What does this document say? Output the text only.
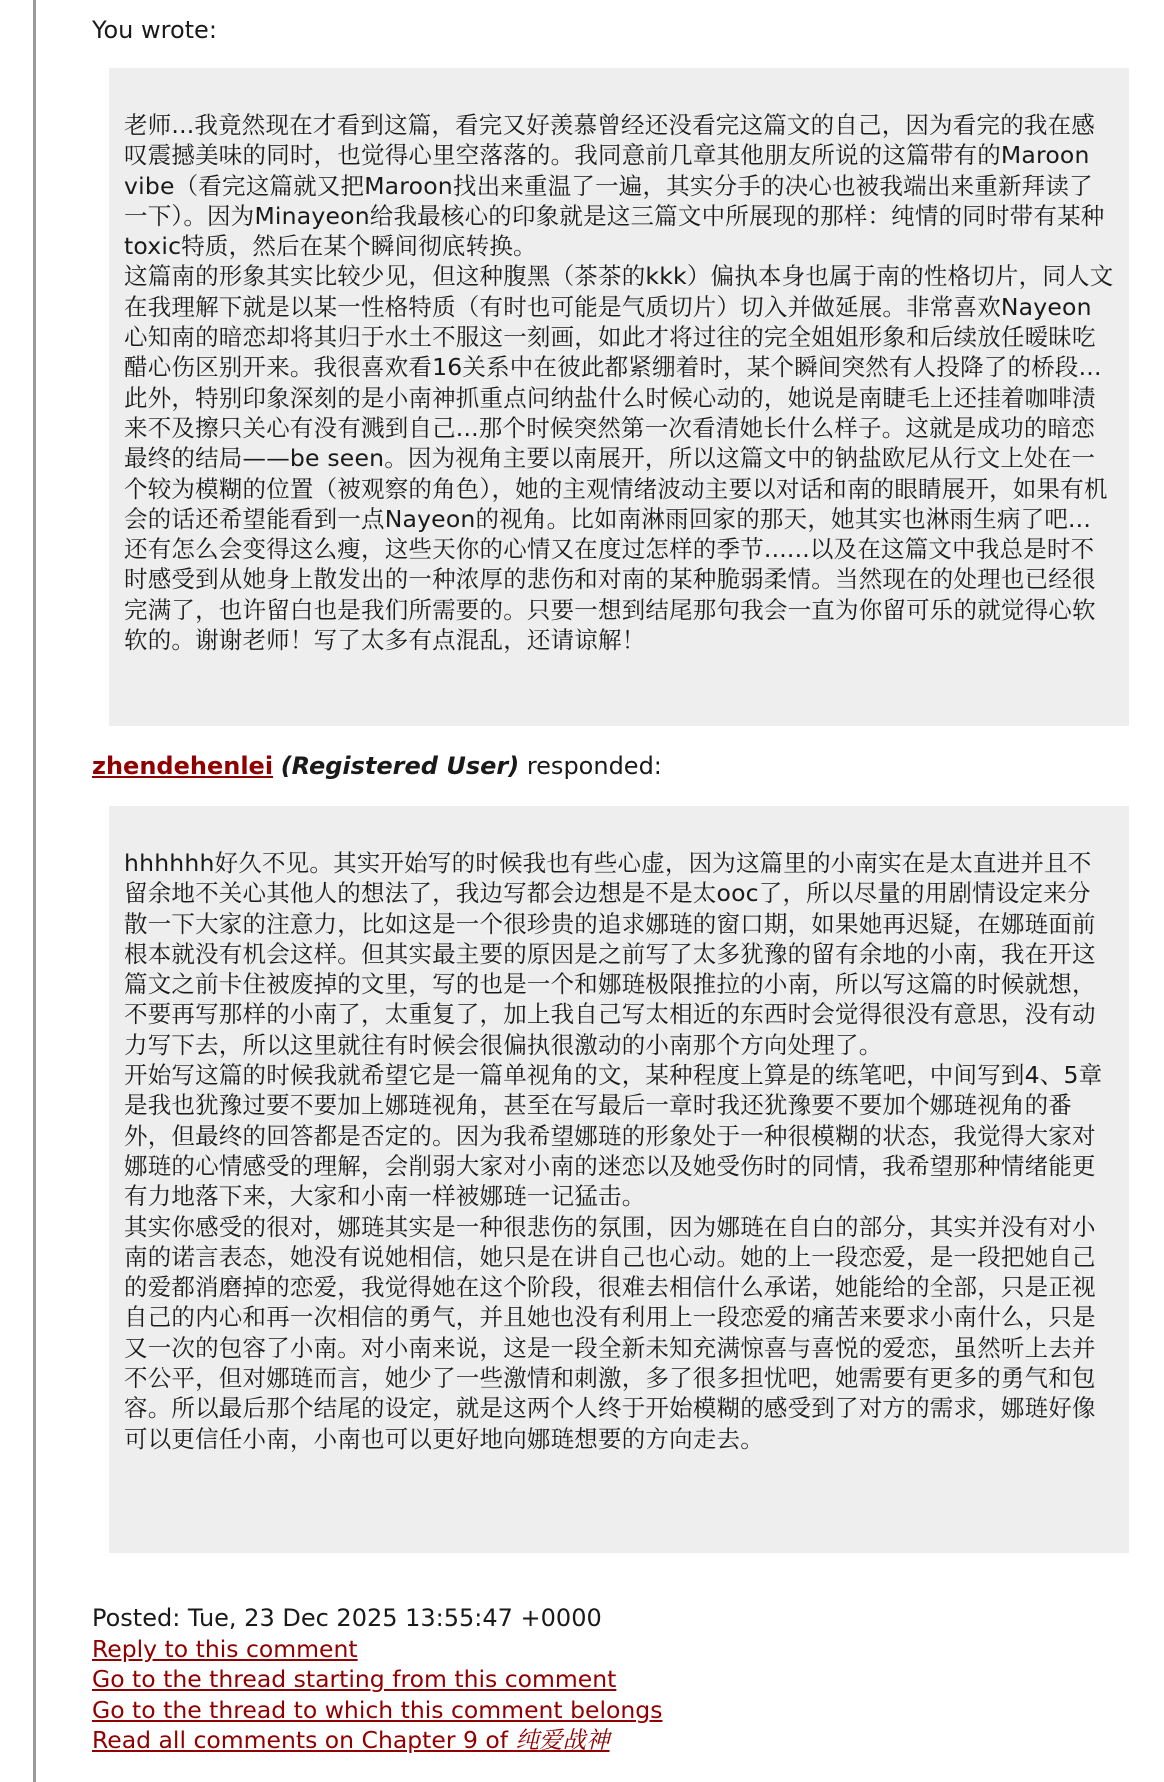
You wrote:

老师...我竟然现在才看到这篇，看完又好羡慕曾经还没看完这篇文的自己，因为看完的我在感叹震撼美味的同时，也觉得心里空落落的。我同意前几章其他朋友所说的这篇带有的Maroon vibe（看完这篇就又把Maroon找出来重温了一遍，其实分手的决心也被我端出来重新拜读了一下）。因为Minayeon给我最核心的印象就是这三篇文中所展现的那样：纯情的同时带有某种toxic特质，然后在某个瞬间彻底转换。

这篇南的形象其实比较少见，但这种腹黑（茶茶的kkk）偏执本身也属于南的性格切片，同人文在我理解下就是以某一性格特质（有时也可能是气质切片）切入并做延展。非常喜欢Nayeon心知南的暗恋却将其归于水土不服这一刻画，如此才将过往的完全姐姐形象和后续放任暧昧吃醋心伤区别开来。我很喜欢看16关系中在彼此都紧绷着时，某个瞬间突然有人投降了的桥段...

此外，特别印象深刻的是小南神抓重点问纳盐什么时候心动的，她说是南睫毛上还挂着咖啡渍来不及擦只关心有没有溅到自己...那个时候突然第一次看清她长什么样子。这就是成功的暗恋最终的结局——be seen。因为视角主要以南展开，所以这篇文中的钠盐欧尼从行文上处在一个较为模糊的位置（被观察的角色），她的主观情绪波动主要以对话和南的眼睛展开，如果有机会的话还希望能看到一点Nayeon的视角。比如南淋雨回家的那天，她其实也淋雨生病了吧...还有怎么会变得这么瘦，这些天你的心情又在度过怎样的季节......以及在这篇文中我总是时不时感受到从她身上散发出的一种浓厚的悲伤和对南的某种脆弱柔情。当然现在的处理也已经很完满了，也许留白也是我们所需要的。只要一想到结尾那句我会一直为你留可乐的就觉得心软软的。谢谢老师！写了太多有点混乱，还请谅解！

zhendehenlei (Registered User) responded:

hhhhhh好久不见。其实开始写的时候我也有些心虚，因为这篇里的小南实在是太直进并且不留余地不关心其他人的想法了，我边写都会边想是不是太ooc了，所以尽量的用剧情设定来分散一下大家的注意力，比如这是一个很珍贵的追求娜琏的窗口期，如果她再迟疑，在娜琏面前根本就没有机会这样。但其实最主要的原因是之前写了太多犹豫的留有余地的小南，我在开这篇文之前卡住被废掉的文里，写的也是一个和娜琏极限推拉的小南，所以写这篇的时候就想，不要再写那样的小南了，太重复了，加上我自己写太相近的东西时会觉得很没有意思，没有动力写下去，所以这里就往有时候会很偏执很激动的小南那个方向处理了。

开始写这篇的时候我就希望它是一篇单视角的文，某种程度上算是的练笔吧，中间写到4、5章是我也犹豫过要不要加上娜琏视角，甚至在写最后一章时我还犹豫要不要加个娜琏视角的番外，但最终的回答都是否定的。因为我希望娜琏的形象处于一种很模糊的状态，我觉得大家对娜琏的心情感受的理解，会削弱大家对小南的迷恋以及她受伤时的同情，我希望那种情绪能更有力地落下来，大家和小南一样被娜琏一记猛击。

其实你感受的很对，娜琏其实是一种很悲伤的氛围，因为娜琏在自白的部分，其实并没有对小南的诺言表态，她没有说她相信，她只是在讲自己也心动。她的上一段恋爱，是一段把她自己的爱都消磨掉的恋爱，我觉得她在这个阶段，很难去相信什么承诺，她能给的全部，只是正视自己的内心和再一次相信的勇气，并且她也没有利用上一段恋爱的痛苦来要求小南什么，只是又一次的包容了小南。对小南来说，这是一段全新未知充满惊喜与喜悦的爱恋，虽然听上去并不公平，但对娜琏而言，她少了一些激情和刺激，多了很多担忧吧，她需要有更多的勇气和包容。所以最后那个结尾的设定，就是这两个人终于开始模糊的感受到了对方的需求，娜琏好像可以更信任小南，小南也可以更好地向娜琏想要的方向走去。

Posted: Tue, 23 Dec 2025 13:55:47 +0000

Reply to this comment
Go to the thread starting from this comment
Go to the thread to which this comment belongs
Read all comments on Chapter 9 of 纯爱战神
